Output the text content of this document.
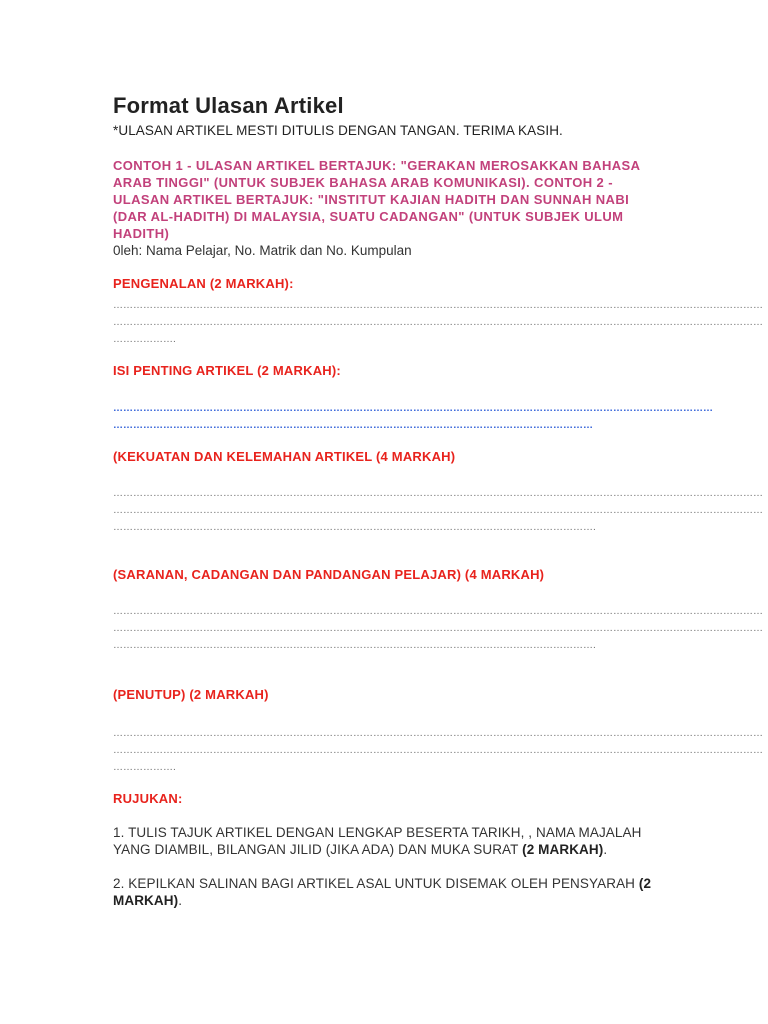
Format Ulasan Artikel
*ULASAN ARTIKEL MESTI DITULIS DENGAN TANGAN. TERIMA KASIH.
CONTOH 1 - ULASAN ARTIKEL BERTAJUK: "GERAKAN MEROSAKKAN BAHASA ARAB TINGGI" (UNTUK SUBJEK BAHASA ARAB KOMUNIKASI). CONTOH 2 - ULASAN ARTIKEL BERTAJUK: "INSTITUT KAJIAN HADITH DAN SUNNAH NABI (DAR AL-HADITH) DI MALAYSIA, SUATU CADANGAN" (UNTUK SUBJEK ULUM HADITH)
0leh: Nama Pelajar, No. Matrik dan No. Kumpulan
PENGENALAN (2 MARKAH):
……………………………………………………………………………………………………………………………………………………………………………
……………………………………………………………………………………………………………………………………………………………………………
……………….
ISI PENTING ARTIKEL (2 MARKAH):
………………………………………………………………………………………………………………………………………………………………
………………………………………………………………………………………………………………………………
(KEKUATAN DAN KELEMAHAN ARTIKEL (4 MARKAH)
……………………………………………………………………………………………………………………………………………………………………………
……………………………………………………………………………………………………………………………………………………………………………
……………………………………………………………………………………………………………………………….
(SARANAN, CADANGAN DAN PANDANGAN PELAJAR) (4 MARKAH)
……………………………………………………………………………………………………………………………………………………………………………
……………………………………………………………………………………………………………………………………………………………………………
……………………………………………………………………………………………………………………………….
(PENUTUP) (2 MARKAH)
……………………………………………………………………………………………………………………………………………………………………………
……………………………………………………………………………………………………………………………………………………………………………
……………….
RUJUKAN:
1. TULIS TAJUK ARTIKEL DENGAN LENGKAP BESERTA TARIKH, , NAMA MAJALAH YANG DIAMBIL, BILANGAN JILID (JIKA ADA) DAN MUKA SURAT (2 MARKAH).
2. KEPILKAN SALINAN BAGI ARTIKEL ASAL UNTUK DISEMAK OLEH PENSYARAH (2 MARKAH).
